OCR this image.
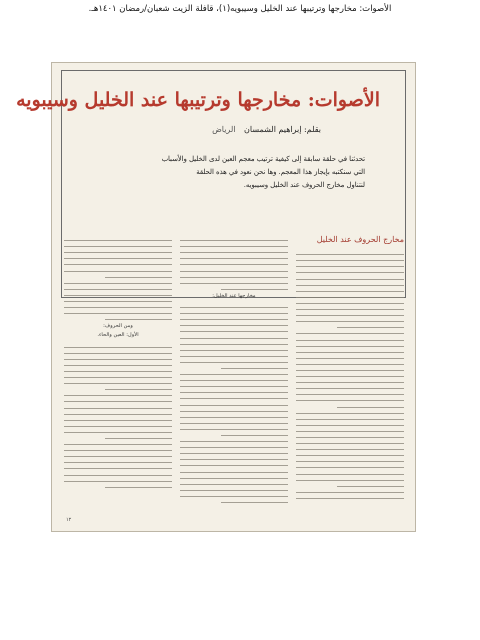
الأصوات: مخارجها وترتيبها عند الخليل وسيبويه(١)، قافلة الزيت شعبان/رمضان ١٤٠١هـ.
الأصوات: مخارجها وترتيبها عند الخليل وسيبويه
بقلم: إبراهيم الشمسان الرياض
تحدثنا في حلقة سابقة إلى كيفية ترتيب معجم العين لدى الخليل والأسباب
التي سنكتبه بإيجاز هذا المعجم. وها نحن نعود في هذه الحلقة
لنتناول مخارج الحروف عند الخليل وسيبويه.
مخارج الحروف عند الخليل
مخارجها عند الخليل:
ومن الحروف:
الأول: العين والحاء.
١٢
